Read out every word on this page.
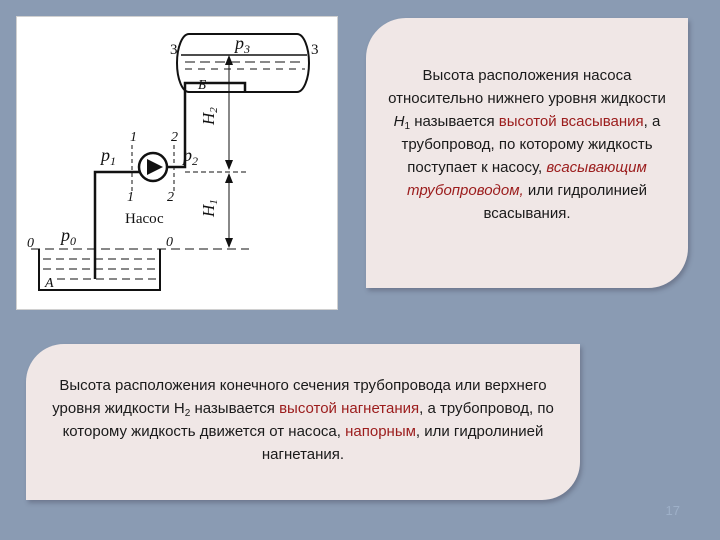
3	3
$p_3$
Б
H2
H1
1 2
1 2
$p_1$	$p_2$
Насос
$p_0$
0	0
А
Высота расположения насоса относительно нижнего уровня жидкости $H_1$ называется высотой всасывания, а трубопровод, по которому жидкость поступает к насосу, всасывающим трубопроводом, или гидролинией всасывания.
Высота расположения конечного сечения трубопровода или верхнего уровня жидкости $Н_2$ называется высотой нагнетания, а трубопровод, по которому жидкость движется от насоса, напорным, или гидролинией нагнетания.
17
